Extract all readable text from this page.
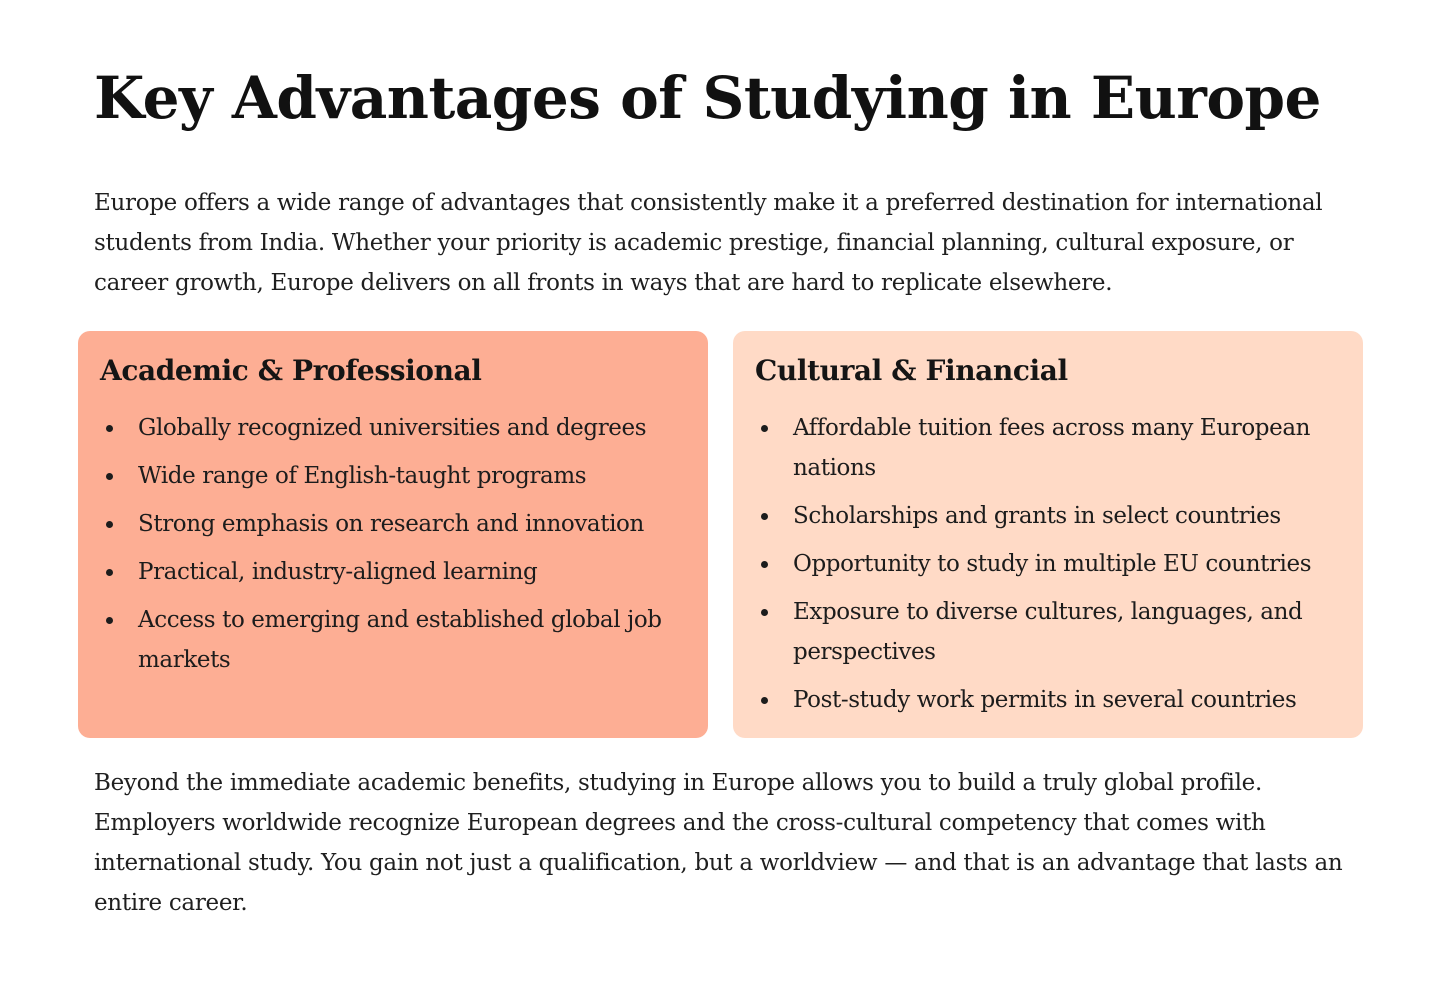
Key Advantages of Studying in Europe

Europe offers a wide range of advantages that consistently make it a preferred destination for international students from India. Whether your priority is academic prestige, financial planning, cultural exposure, or career growth, Europe delivers on all fronts in ways that are hard to replicate elsewhere.

Academic & Professional
Globally recognized universities and degrees
Wide range of English-taught programs
Strong emphasis on research and innovation
Practical, industry-aligned learning
Access to emerging and established global job markets
Cultural & Financial
Affordable tuition fees across many European nations
Scholarships and grants in select countries
Opportunity to study in multiple EU countries
Exposure to diverse cultures, languages, and perspectives
Post-study work permits in several countries

Beyond the immediate academic benefits, studying in Europe allows you to build a truly global profile. Employers worldwide recognize European degrees and the cross-cultural competency that comes with international study. You gain not just a qualification, but a worldview — and that is an advantage that lasts an entire career.
